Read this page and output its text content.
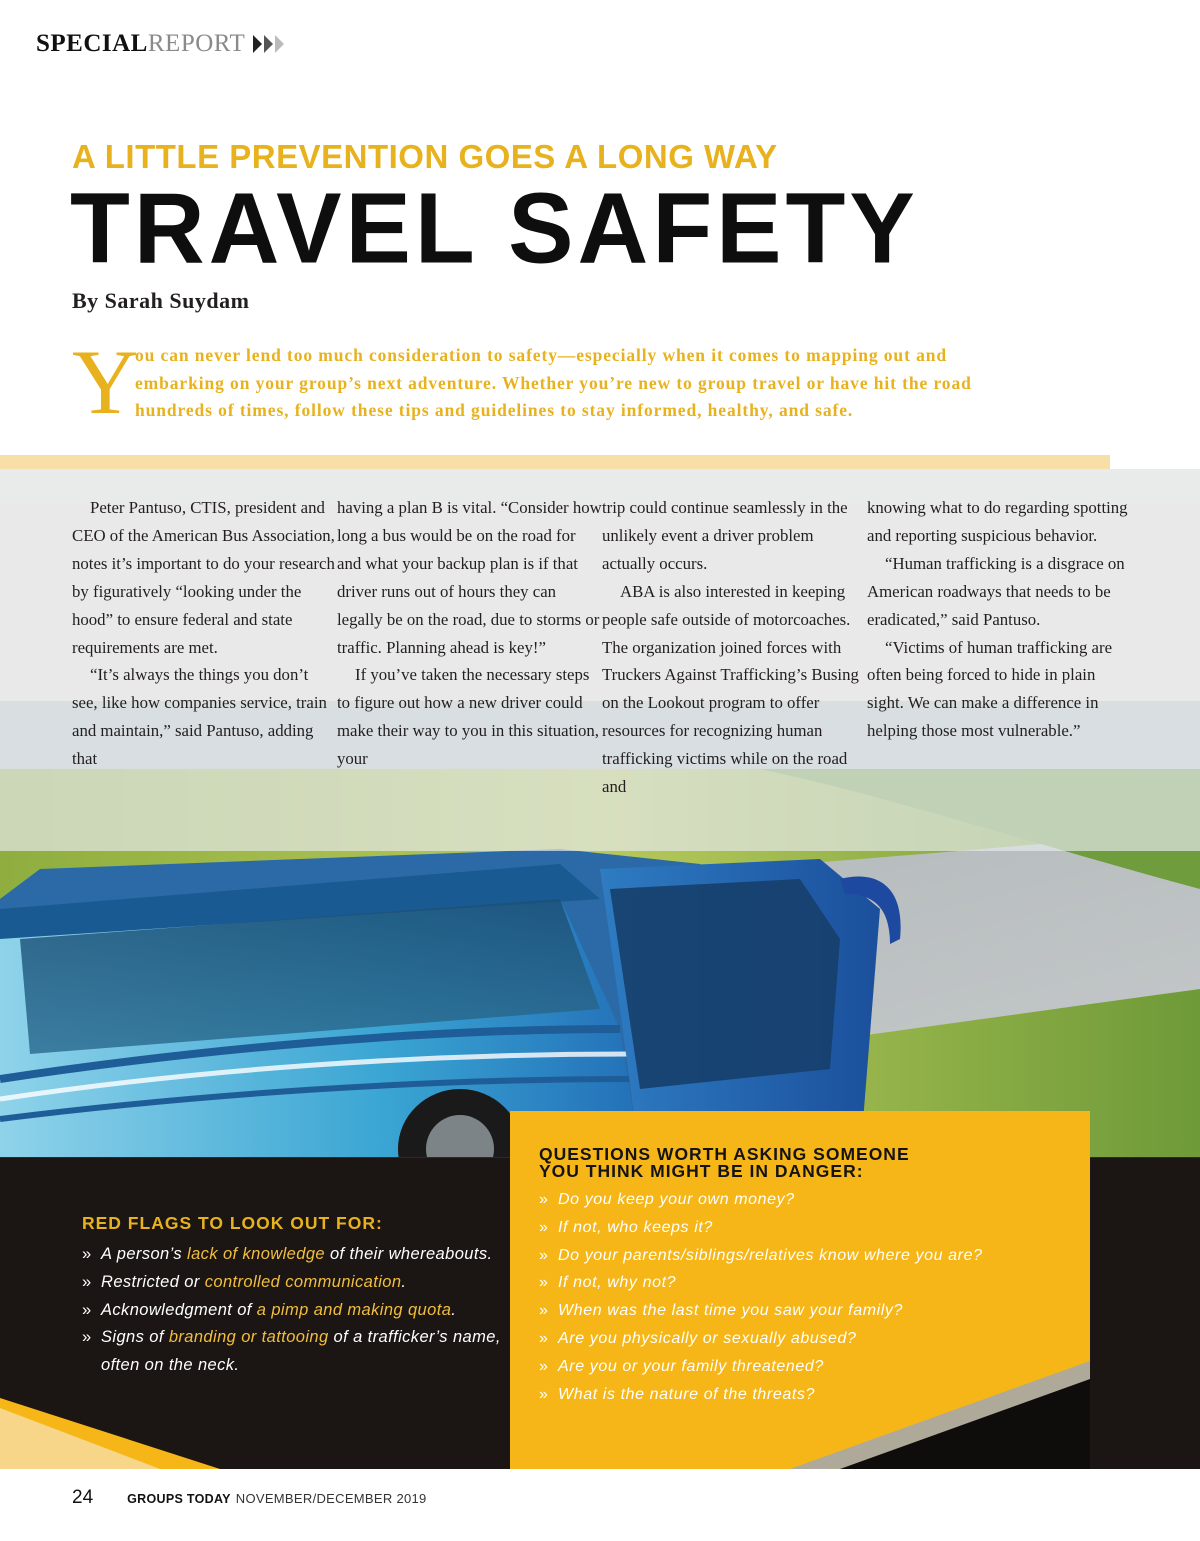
SPECIAL REPORT
A LITTLE PREVENTION GOES A LONG WAY
TRAVEL SAFETY
By Sarah Suydam
Y

ou can never lend too much consideration to safety—especially when it comes to mapping out and embarking on your group’s next adventure. Whether you’re new to group travel or have hit the road hundreds of times, follow these tips and guidelines to stay informed, healthy, and safe.

Peter Pantuso, CTIS, president and CEO of the American Bus Association, notes it’s important to do your research by figuratively “looking under the hood” to ensure federal and state requirements are met.

“It’s always the things you don’t see, like how companies service, train and maintain,” said Pantuso, adding that

having a plan B is vital. “Consider how long a bus would be on the road for and what your backup plan is if that driver runs out of hours they can legally be on the road, due to storms or traffic. Planning ahead is key!”

If you’ve taken the necessary steps to figure out how a new driver could make their way to you in this situation, your

trip could continue seamlessly in the unlikely event a driver problem actually occurs.

ABA is also interested in keeping people safe outside of motorcoaches. The organization joined forces with Truckers Against Trafficking’s Busing on the Lookout program to offer resources for recognizing human trafficking victims while on the road and

knowing what to do regarding spotting and reporting suspicious behavior.

“Human trafficking is a disgrace on American roadways that needs to be eradicated,” said Pantuso.

“Victims of human trafficking are often being forced to hide in plain sight. We can make a difference in helping those most vulnerable.”

RED FLAGS TO LOOK OUT FOR:
» A person’s lack of knowledge of their whereabouts.
» Restricted or controlled communication.
» Acknowledgment of a pimp and making quota.
» Signs of branding or tattooing of a trafficker’s name, often on the neck.
QUESTIONS WORTH ASKING SOMEONE
YOU THINK MIGHT BE IN DANGER:
» Do you keep your own money?
» If not, who keeps it?
» Do your parents/siblings/relatives know where you are?
» If not, why not?
» When was the last time you saw your family?
» Are you physically or sexually abused?
» Are you or your family threatened?
» What is the nature of the threats?
24	GROUPS TODAY NOVEMBER/DECEMBER 2019
